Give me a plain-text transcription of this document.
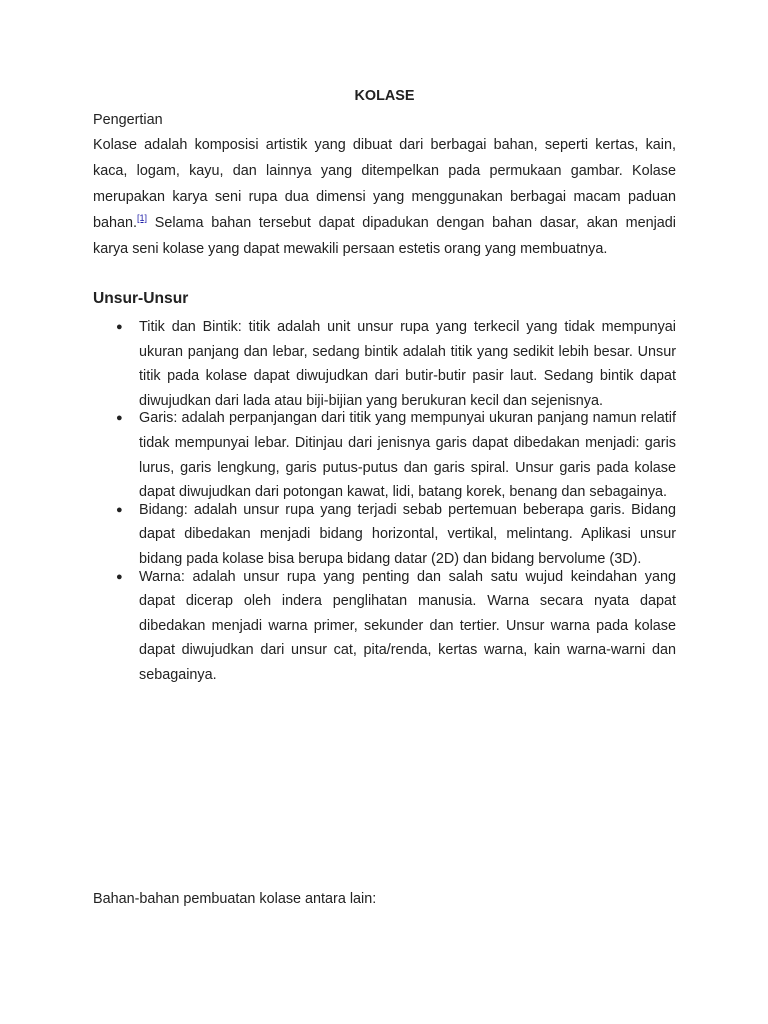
KOLASE

Pengertian

Kolase adalah komposisi artistik yang dibuat dari berbagai bahan, seperti kertas, kain, kaca, logam, kayu, dan lainnya yang ditempelkan pada permukaan gambar. Kolase merupakan karya seni rupa dua dimensi yang menggunakan berbagai macam paduan bahan.[1] Selama bahan tersebut dapat dipadukan dengan bahan dasar, akan menjadi karya seni kolase yang dapat mewakili persaan estetis orang yang membuatnya.

Unsur-Unsur
● Titik dan Bintik: titik adalah unit unsur rupa yang terkecil yang tidak mempunyai ukuran panjang dan lebar, sedang bintik adalah titik yang sedikit lebih besar. Unsur titik pada kolase dapat diwujudkan dari butir-butir pasir laut. Sedang bintik dapat diwujudkan dari lada atau biji-bijian yang berukuran kecil dan sejenisnya.
● Garis: adalah perpanjangan dari titik yang mempunyai ukuran panjang namun relatif tidak mempunyai lebar. Ditinjau dari jenisnya garis dapat dibedakan menjadi: garis lurus, garis lengkung, garis putus-putus dan garis spiral. Unsur garis pada kolase dapat diwujudkan dari potongan kawat, lidi, batang korek, benang dan sebagainya.
● Bidang: adalah unsur rupa yang terjadi sebab pertemuan beberapa garis. Bidang dapat dibedakan menjadi bidang horizontal, vertikal, melintang. Aplikasi unsur bidang pada kolase bisa berupa bidang datar (2D) dan bidang bervolume (3D).
● Warna: adalah unsur rupa yang penting dan salah satu wujud keindahan yang dapat dicerap oleh indera penglihatan manusia. Warna secara nyata dapat dibedakan menjadi warna primer, sekunder dan tertier. Unsur warna pada kolase dapat diwujudkan dari unsur cat, pita/renda, kertas warna, kain warna-warni dan sebagainya.

Bahan-bahan pembuatan kolase antara lain:
